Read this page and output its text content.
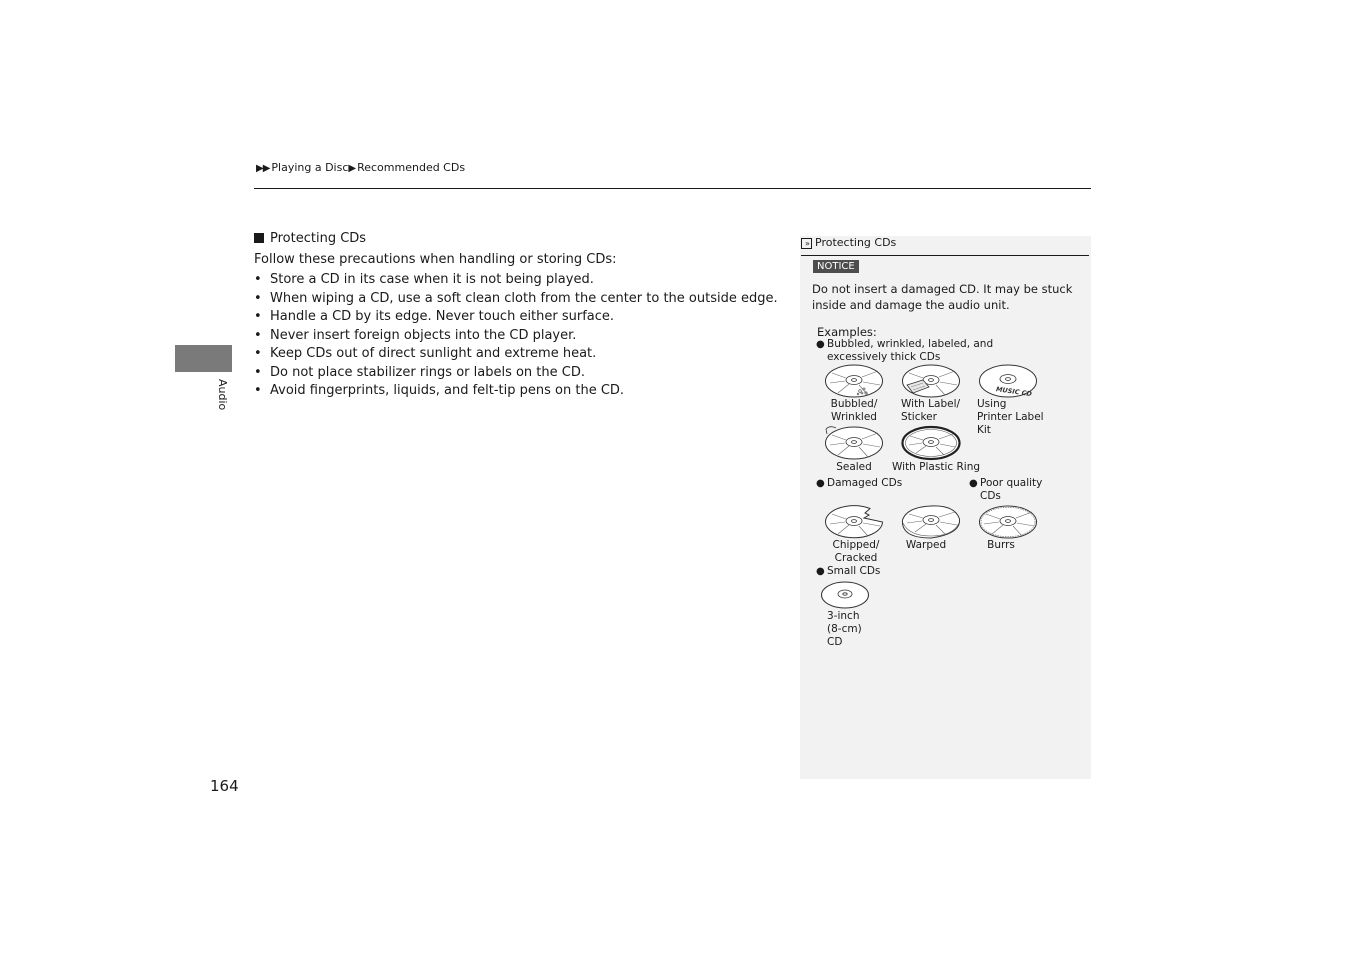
▶▶ Playing a Disc▶ Recommended CDs
Audio
Protecting CDs
Follow these precautions when handling or storing CDs:
• Store a CD in its case when it is not being played.
• When wiping a CD, use a soft clean cloth from the center to the outside edge.
• Handle a CD by its edge. Never touch either surface.
• Never insert foreign objects into the CD player.
• Keep CDs out of direct sunlight and extreme heat.
• Do not place stabilizer rings or labels on the CD.
• Avoid fingerprints, liquids, and felt-tip pens on the CD.
164
» Protecting CDs
NOTICE
Do not insert a damaged CD. It may be stuck inside and damage the audio unit.
Examples:
● Bubbled, wrinkled, labeled, and
excessively thick CDs
Bubbled/
Wrinkled
With Label/
Sticker
MUSIC CD
Using
Printer Label
Kit
Sealed	With Plastic Ring
● Damaged CDs	● Poor quality
CDs
Chipped/
Cracked
Warped	Burrs
● Small CDs
3-inch
(8-cm)
CD
